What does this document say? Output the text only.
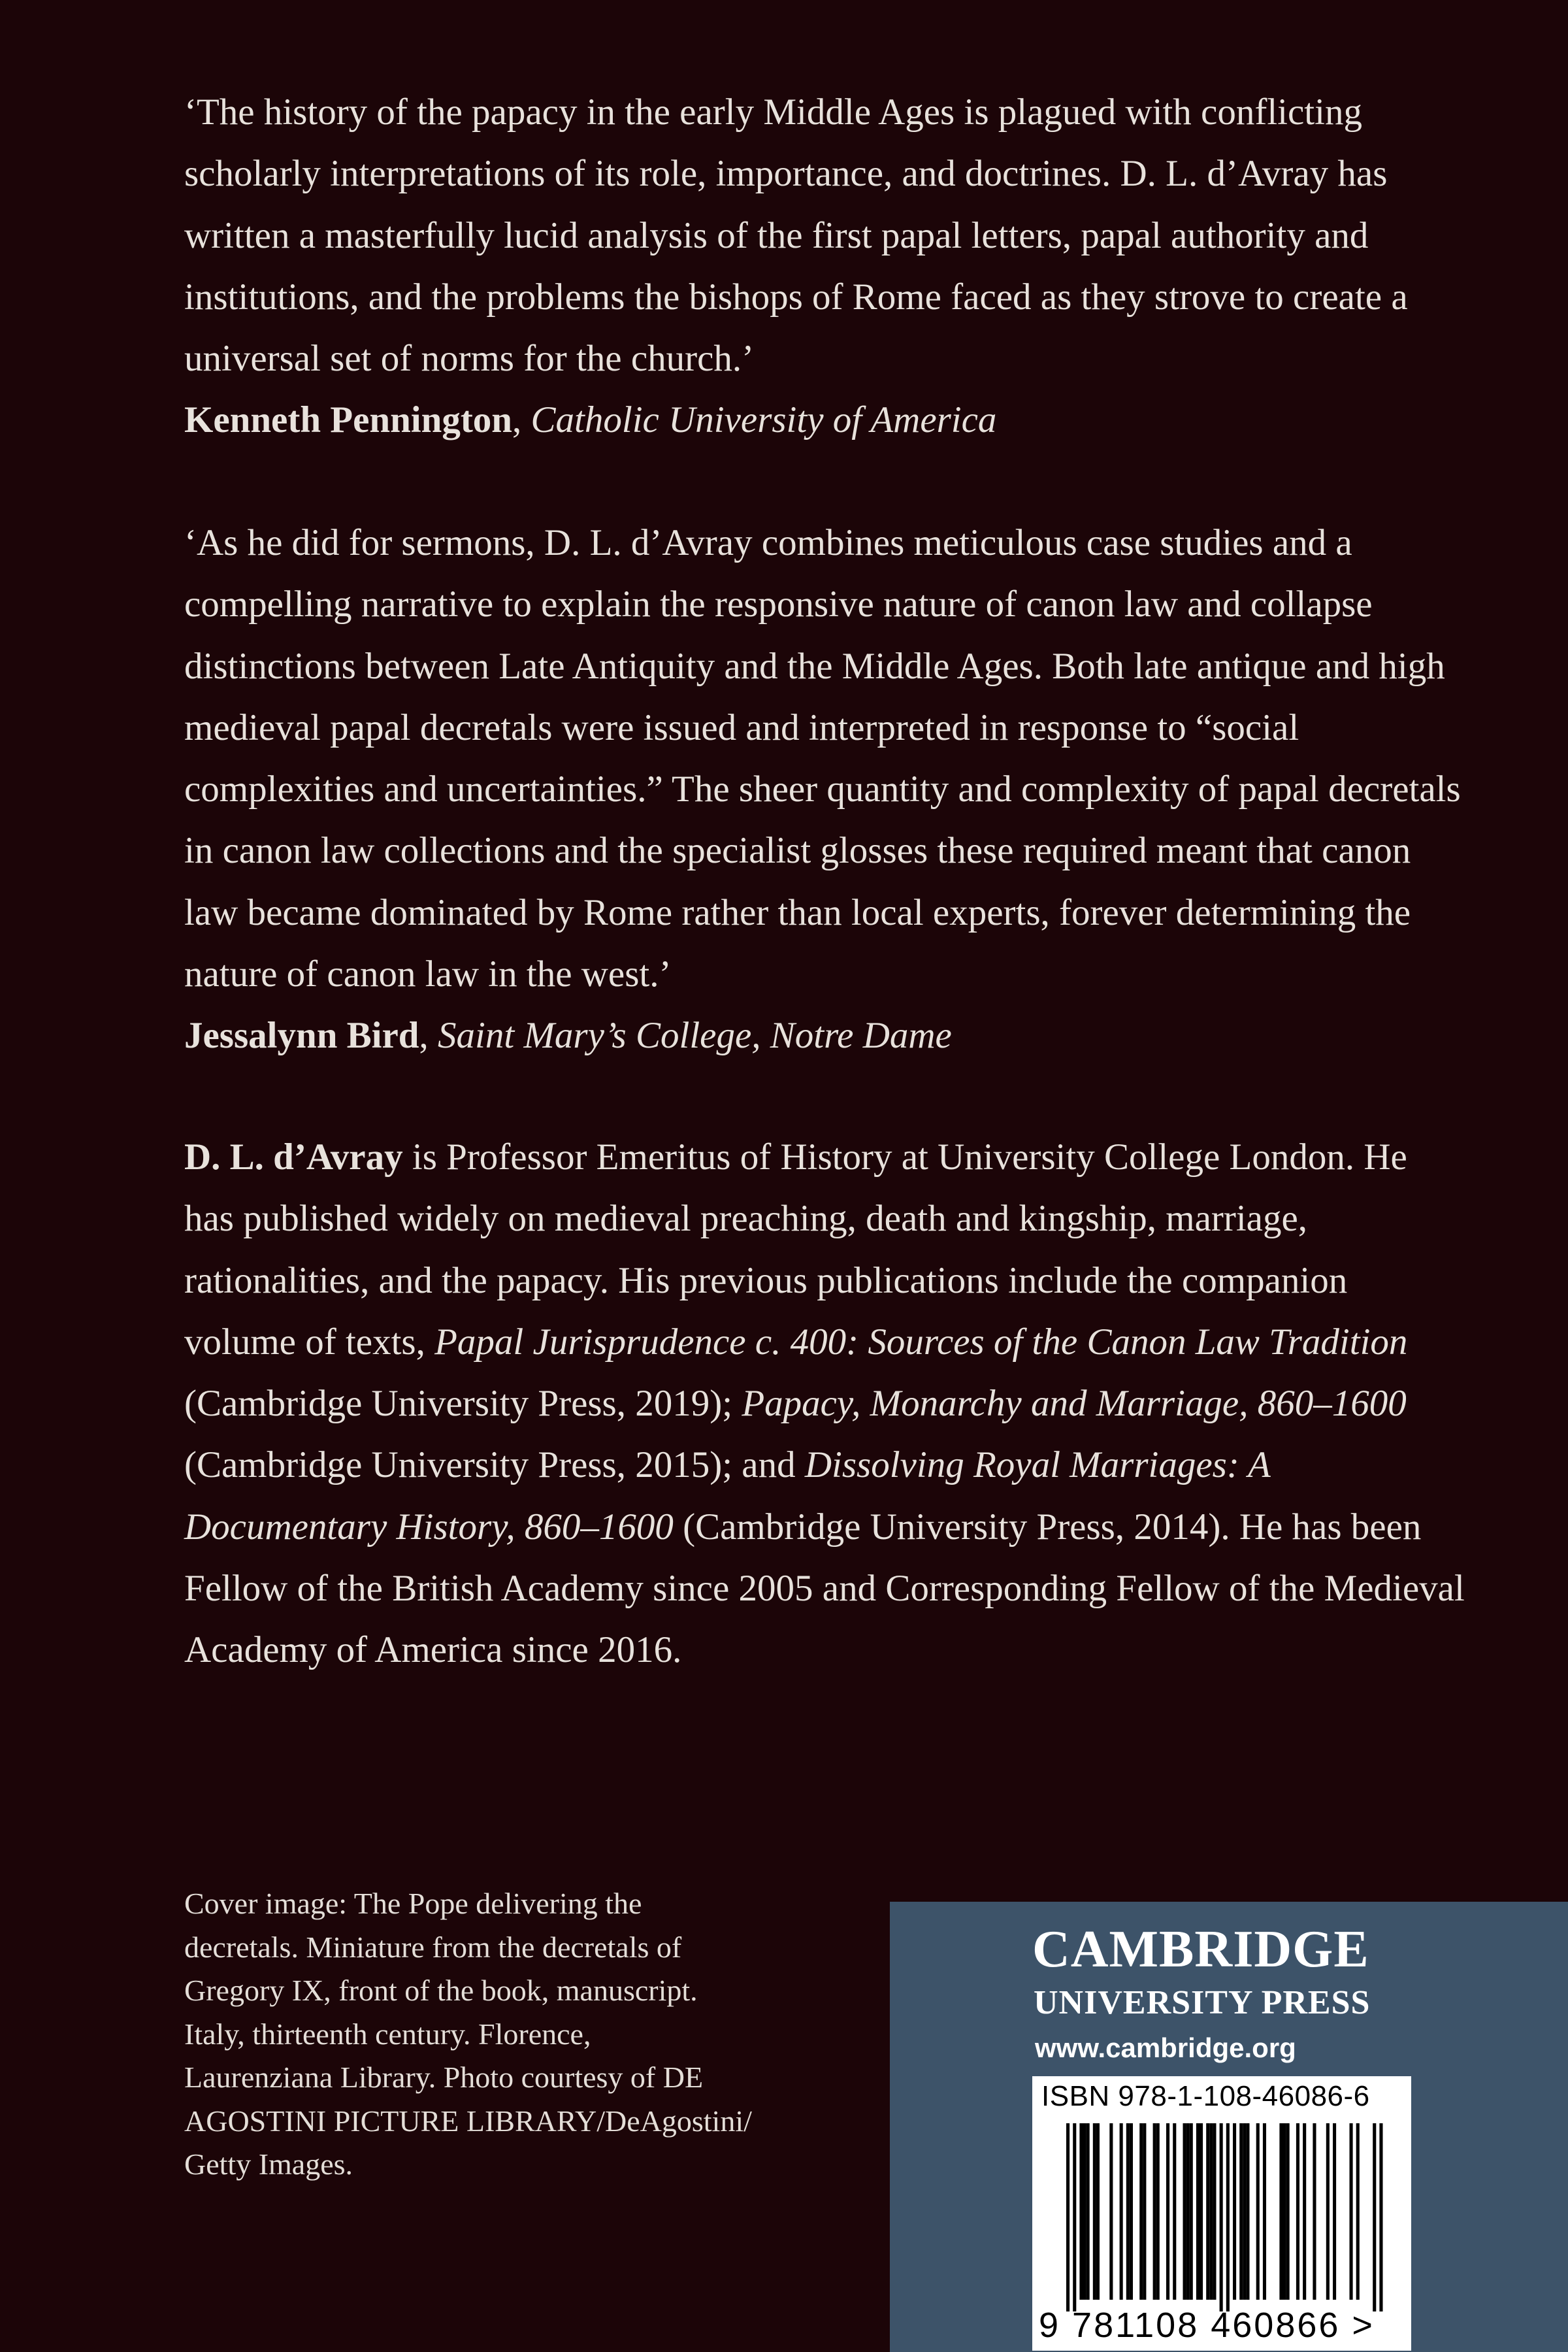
‘The history of the papacy in the early Middle Ages is plagued with conflicting scholarly interpretations of its role, importance, and doctrines. D. L. d’Avray has written a masterfully lucid analysis of the first papal letters, papal authority and institutions, and the problems the bishops of Rome faced as they strove to create a universal set of norms for the church.’

Kenneth Pennington, Catholic University of America

‘As he did for sermons, D. L. d’Avray combines meticulous case studies and a compelling narrative to explain the responsive nature of canon law and collapse distinctions between Late Antiquity and the Middle Ages. Both late antique and high medieval papal decretals were issued and interpreted in response to “social complexities and uncertainties.” The sheer quantity and complexity of papal decretals in canon law collections and the specialist glosses these required meant that canon law became dominated by Rome rather than local experts, forever determining the nature of canon law in the west.’

Jessalynn Bird, Saint Mary’s College, Notre Dame

D. L. d’Avray is Professor Emeritus of History at University College London. He has published widely on medieval preaching, death and kingship, marriage, rationalities, and the papacy. His previous publications include the companion volume of texts, Papal Jurisprudence c. 400: Sources of the Canon Law Tradition (Cambridge University Press, 2019); Papacy, Monarchy and Marriage, 860–1600 (Cambridge University Press, 2015); and Dissolving Royal Marriages: A Documentary History, 860–1600 (Cambridge University Press, 2014). He has been Fellow of the British Academy since 2005 and Corresponding Fellow of the Medieval Academy of America since 2016.

Cover image: The Pope delivering the
decretals. Miniature from the decretals of
Gregory IX, front of the book, manuscript.
Italy, thirteenth century. Florence,
Laurenziana Library. Photo courtesy of DE
AGOSTINI PICTURE LIBRARY/DeAgostini/
Getty Images.
CAMBRIDGE
UNIVERSITY PRESS
www.cambridge.org
ISBN 978-1-108-46086-6
9 781108 460866 >
